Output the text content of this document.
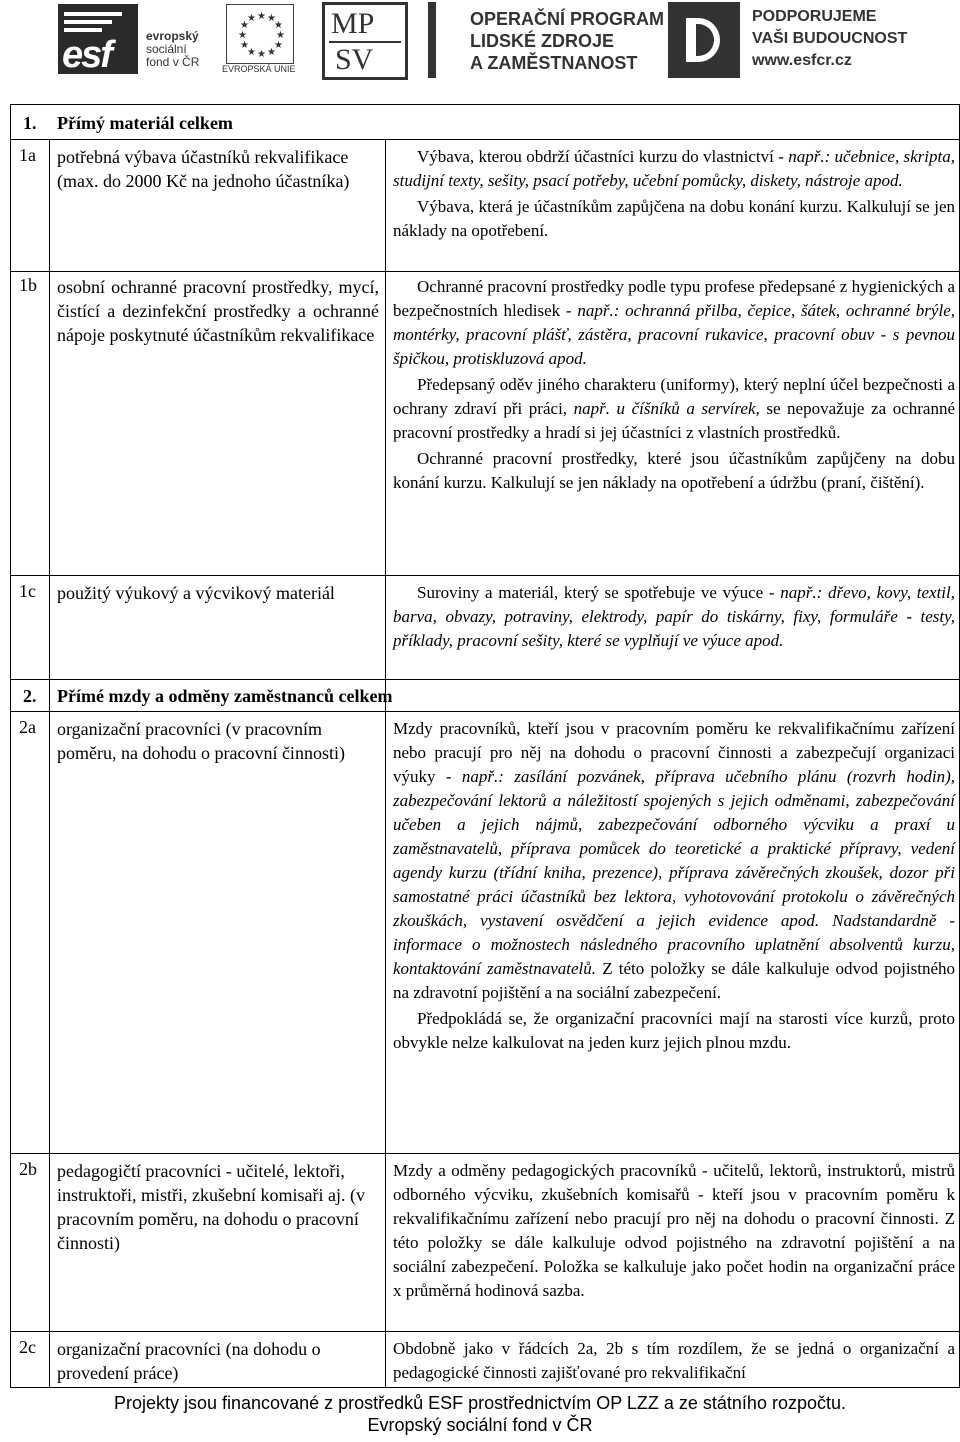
esf	evropský
sociální
fond v ČR
★ ★
★
★
★
★
★
★
★
★
★
★
EVROPSKÁ UNIE
MP
SV
OPERAČNÍ PROGRAM
LIDSKÉ ZDROJE
A ZAMĚSTNANOST
PODPORUJEME
VAŠI BUDOUCNOST
www.esfcr.cz
1. Přímý materiál celkem
1a potřebná výbava účastníků rekvalifikace (max. do 2000 Kč na jednoho účastníka)

Výbava, kterou obdrží účastníci kurzu do vlastnictví - např.: učebnice, skripta, studijní texty, sešity, psací potřeby, učební pomůcky, diskety, nástroje apod.

Výbava, která je účastníkům zapůjčena na dobu konání kurzu. Kalkulují se jen náklady na opotřebení.

1b osobní ochranné pracovní prostředky, mycí, čistící a dezinfekční prostředky a ochranné nápoje poskytnuté účastníkům rekvalifikace

Ochranné pracovní prostředky podle typu profese předepsané z hygienických a bezpečnostních hledisek - např.: ochranná přilba, čepice, šátek, ochranné brýle, montérky, pracovní plášť, zástěra, pracovní rukavice, pracovní obuv - s pevnou špičkou, protiskluzová apod.

Předepsaný oděv jiného charakteru (uniformy), který neplní účel bezpečnosti a ochrany zdraví při práci, např. u číšníků a servírek, se nepovažuje za ochranné pracovní prostředky a hradí si jej účastníci z vlastních prostředků.

Ochranné pracovní prostředky, které jsou účastníkům zapůjčeny na dobu konání kurzu. Kalkulují se jen náklady na opotřebení a údržbu (praní, čištění).

1c použitý výukový a výcvikový materiál	Suroviny a materiál, který se spotřebuje ve výuce - např.: dřevo, kovy, textil, barva, obvazy, potraviny, elektrody, papír do tiskárny, fixy, formuláře - testy, příklady, pracovní sešity, které se vyplňují ve výuce apod.

2. Přímé mzdy a odměny zaměstnanců celkem
2a organizační pracovníci (v pracovním poměru, na dohodu o pracovní činnosti)

Mzdy pracovníků, kteří jsou v pracovním poměru ke rekvalifikačnímu zařízení nebo pracují pro něj na dohodu o pracovní činnosti a zabezpečují organizaci výuky - např.: zasílání pozvánek, příprava učebního plánu (rozvrh hodin), zabezpečování lektorů a náležitostí spojených s jejich odměnami, zabezpečování učeben a jejich nájmů, zabezpečování odborného výcviku a praxí u zaměstnavatelů, příprava pomůcek do teoretické a praktické přípravy, vedení agendy kurzu (třídní kniha, prezence), příprava závěrečných zkoušek, dozor při samostatné práci účastníků bez lektora, vyhotovování protokolu o závěrečných zkouškách, vystavení osvědčení a jejich evidence apod. Nadstandardně - informace o možnostech následného pracovního uplatnění absolventů kurzu, kontaktování zaměstnavatelů. Z této položky se dále kalkuluje odvod pojistného na zdravotní pojištění a na sociální zabezpečení.

Předpokládá se, že organizační pracovníci mají na starosti více kurzů, proto obvykle nelze kalkulovat na jeden kurz jejich plnou mzdu.

2b pedagogičtí pracovníci - učitelé, lektoři, instruktoři, mistři, zkušební komisaři aj. (v pracovním poměru, na dohodu o pracovní činnosti)

Mzdy a odměny pedagogických pracovníků - učitelů, lektorů, instruktorů, mistrů odborného výcviku, zkušebních komisařů - kteří jsou v pracovním poměru k rekvalifikačnímu zařízení nebo pracují pro něj na dohodu o pracovní činnosti. Z této položky se dále kalkuluje odvod pojistného na zdravotní pojištění a na sociální zabezpečení. Položka se kalkuluje jako počet hodin na organizační práce x průměrná hodinová sazba.

2c organizační pracovníci (na dohodu o provedení práce)

Obdobně jako v řádcích 2a, 2b s tím rozdílem, že se jedná o organizační a pedagogické činnosti zajišťované pro rekvalifikační

Projekty jsou financované z prostředků ESF prostřednictvím OP LZZ a ze státního rozpočtu.
Evropský sociální fond v ČR
